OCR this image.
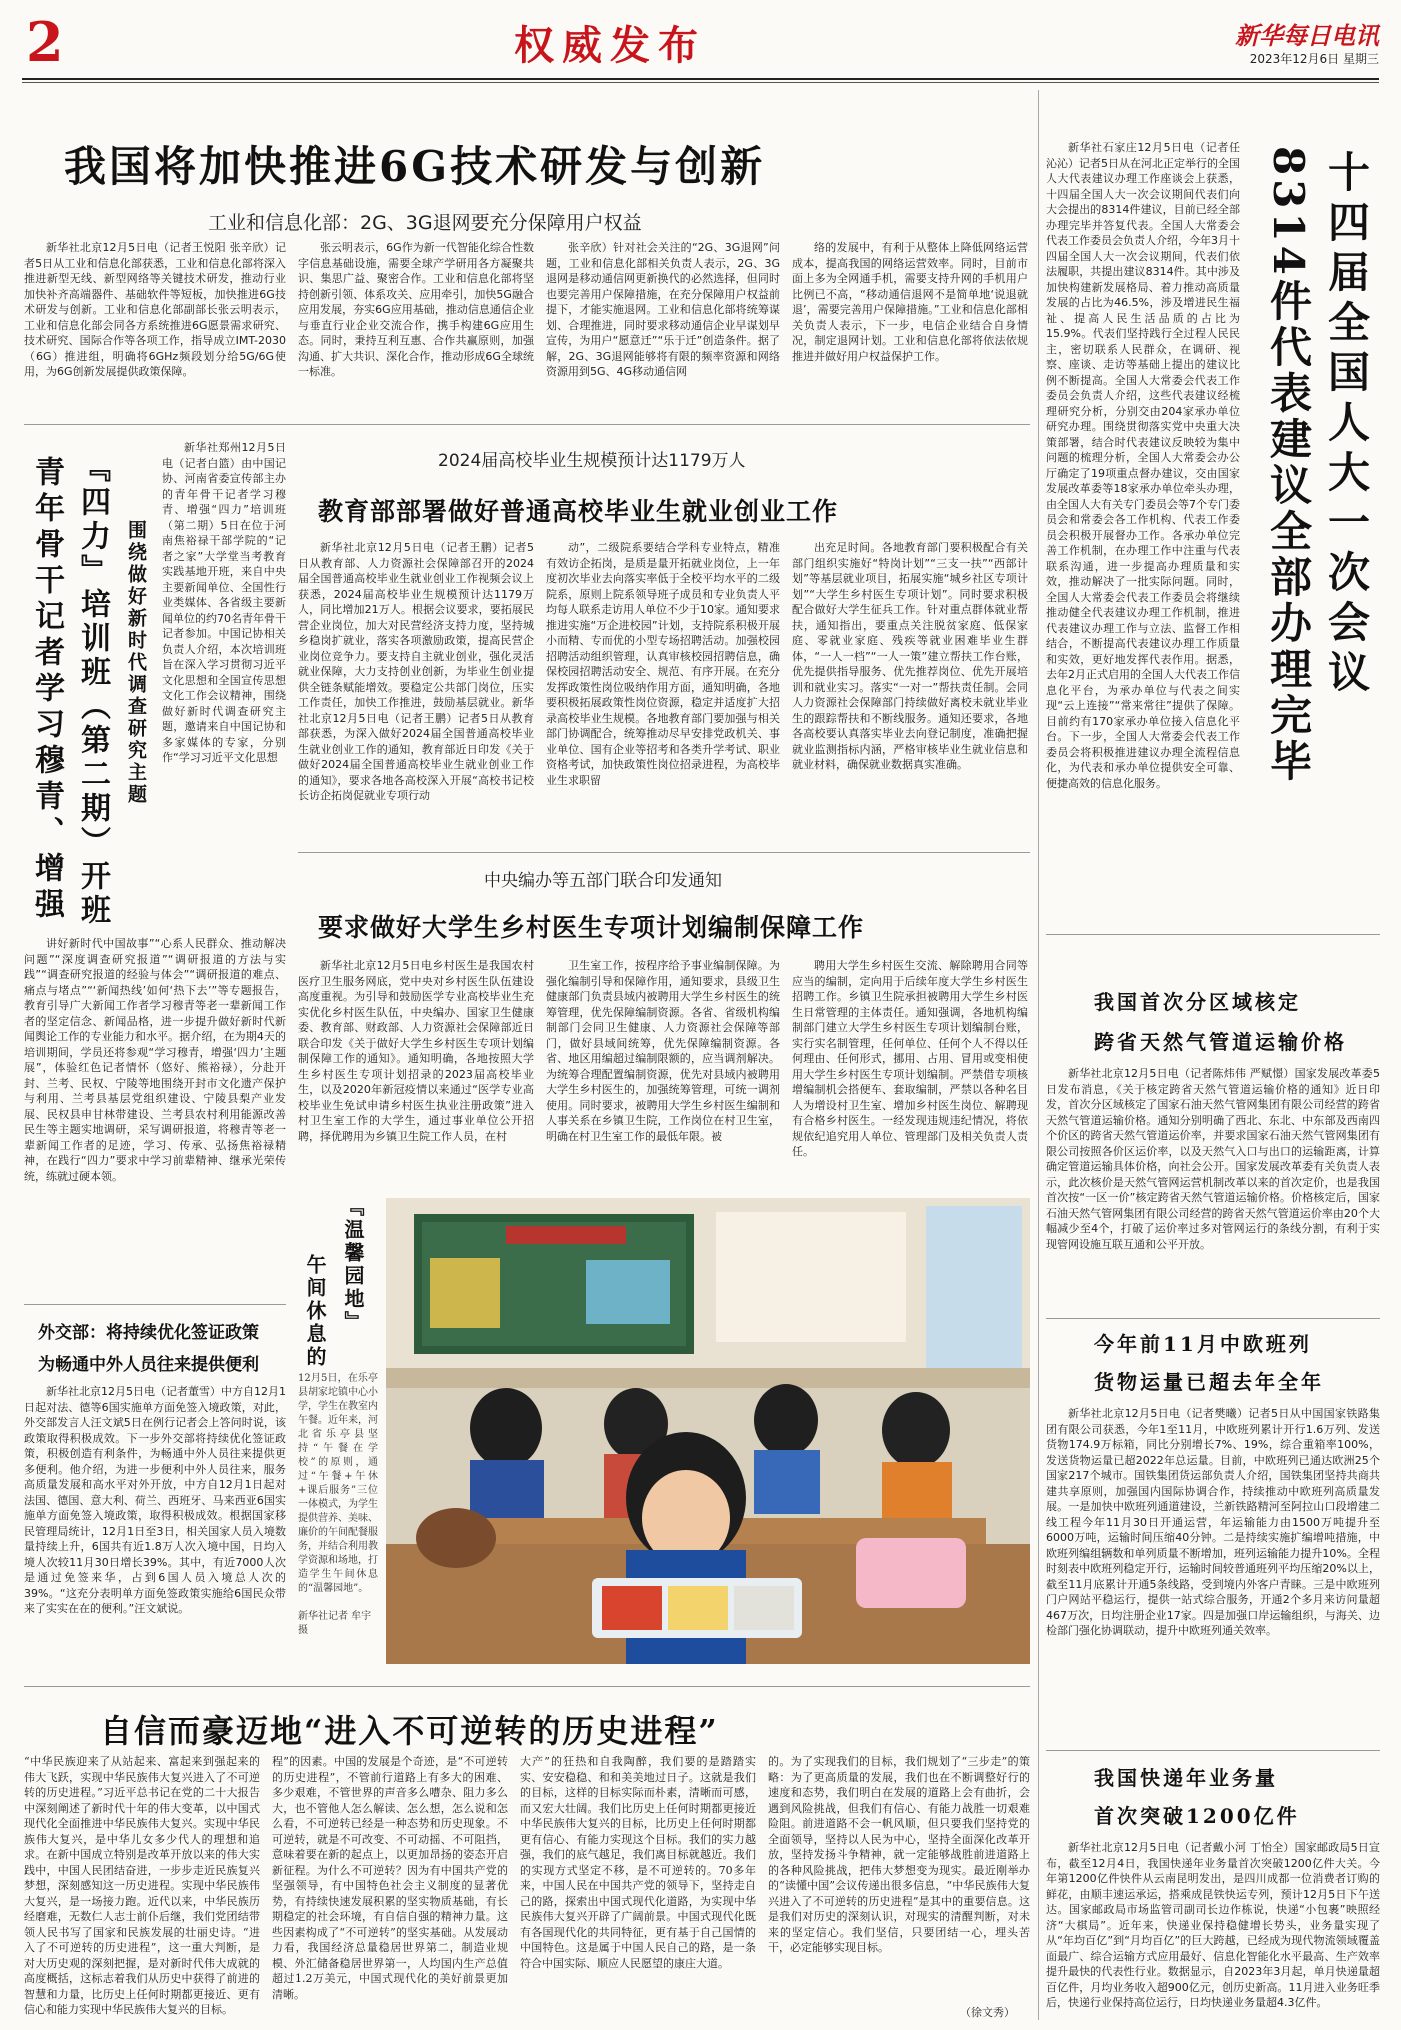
2	权威发布	新华每日电讯
2023年12月6日 星期三
我国将加快推进6G技术研发与创新
工业和信息化部：2G、3G退网要充分保障用户权益

新华社北京12月5日电（记者王悦阳 张辛欣）记者5日从工业和信息化部获悉，工业和信息化部将深入推进新型无线、新型网络等关键技术研发，推动行业加快补齐高端器件、基础软件等短板，加快推进6G技术研发与创新。工业和信息化部副部长张云明表示，工业和信息化部会同各方系统推进6G愿景需求研究、技术研究、国际合作等各项工作，指导成立IMT-2030（6G）推进组，明确将6GHz频段划分给5G/6G使用，为6G创新发展提供政策保障。

张云明表示，6G作为新一代智能化综合性数字信息基础设施，需要全球产学研用各方凝聚共识、集思广益、聚密合作。工业和信息化部将坚持创新引领、体系攻关、应用牵引，加快5G融合应用发展，夯实6G应用基础，推动信息通信企业与垂直行业企业交流合作，携手构建6G应用生态。同时，秉持互利互惠、合作共赢原则，加强沟通、扩大共识、深化合作，推动形成6G全球统一标准。

张辛欣）针对社会关注的“2G、3G退网”问题，工业和信息化部相关负责人表示，2G、3G退网是移动通信网更新换代的必然选择，但同时也要完善用户保障措施，在充分保障用户权益前提下，才能实施退网。工业和信息化部将统筹谋划、合理推进，同时要求移动通信企业早谋划早宣传，为用户“愿意迁”“乐于迁”创造条件。据了解，2G、3G退网能够将有限的频率资源和网络资源用到5G、4G移动通信网

络的发展中，有利于从整体上降低网络运营成本，提高我国的网络运营效率。同时，目前市面上多为全网通手机，需要支持升网的手机用户比例已不高，“移动通信退网不是简单地‘说退就退’，需要完善用户保障措施。”工业和信息化部相关负责人表示，下一步，电信企业结合自身情况，制定退网计划。工业和信息化部将依法依规推进并做好用户权益保护工作。

新华社石家庄12月5日电（记者任沁沁）记者5日从在河北正定举行的全国人大代表建议办理工作座谈会上获悉，十四届全国人大一次会议期间代表们向大会提出的8314件建议，目前已经全部办理完毕并答复代表。全国人大常委会代表工作委员会负责人介绍，今年3月十四届全国人大一次会议期间，代表们依法履职，共提出建议8314件。其中涉及加快构建新发展格局、着力推动高质量发展的占比为46.5%，涉及增进民生福祉、提高人民生活品质的占比为15.9%。代表们坚持践行全过程人民民主，密切联系人民群众，在调研、视察、座谈、走访等基础上提出的建议比例不断提高。全国人大常委会代表工作委员会负责人介绍，这些代表建议经梳理研究分析，分别交由204家承办单位研究办理。围绕贯彻落实党中央重大决策部署，结合时代表建议反映较为集中问题的梳理分析，全国人大常委会办公厅确定了19项重点督办建议，交由国家发展改革委等18家承办单位牵头办理，由全国人大有关专门委员会等7个专门委员会和常委会各工作机构、代表工作委员会积极开展督办工作。各承办单位完善工作机制，在办理工作中注重与代表联系沟通，进一步提高办理质量和实效，推动解决了一批实际问题。同时，全国人大常委会代表工作委员会将继续推动健全代表建议办理工作机制，推进代表建议办理工作与立法、监督工作相结合，不断提高代表建议办理工作质量和实效，更好地发挥代表作用。据悉，去年2月正式启用的全国人大代表工作信息化平台，为承办单位与代表之间实现“云上连接”“常来常往”提供了保障。目前约有170家承办单位接入信息化平台。下一步，全国人大常委会代表工作委员会将积极推进建议办理全流程信息化，为代表和承办单位提供安全可靠、便捷高效的信息化服务。

十四届全国人大一次会议
8314件代表建议全部办理完毕
青年骨干记者学习穆青、增强 『四力』培训班（第二期）开班 围绕做好新时代调查研究主题

新华社郑州12月5日电（记者白篮）由中国记协、河南省委宣传部主办的青年骨干记者学习穆青、增强“四力”培训班（第二期）5日在位于河南焦裕禄干部学院的“记者之家”大学堂当考教育实践基地开班，来自中央主要新闻单位、全国性行业类媒体、各省级主要新闻单位的约70名青年骨干记者参加。中国记协相关负责人介绍，本次培训班旨在深入学习贯彻习近平文化思想和全国宣传思想文化工作会议精神，围绕做好新时代调查研究主题，邀请来自中国记协和多家媒体的专家，分别作“学习习近平文化思想

讲好新时代中国故事”“心系人民群众、推动解决问题”“深度调查研究报道”“调研报道的方法与实践”“调查研究报道的经验与体会”“调研报道的难点、痛点与堵点”“‘新闻热线’如何‘热下去’”等专题报告，教育引导广大新闻工作者学习穆青等老一辈新闻工作者的坚定信念、新闻品格，进一步提升做好新时代新闻舆论工作的专业能力和水平。据介绍，在为期4天的培训期间，学员还将参观“学习穆青，增强‘四力’主题展”，体验红色记者情怀（悠好、熊裕禄），分赴开封、兰考、民权、宁陵等地围绕开封市文化遗产保护与利用、兰考县基层党组织建设、宁陵县梨产业发展、民权县申甘林带建设、兰考县农村利用能源改善民生等主题实地调研，采写调研报道，将穆青等老一辈新闻工作者的足迹，学习、传承、弘扬焦裕禄精神，在践行“四力”要求中学习前辈精神、继承光荣传统，练就过硬本领。

外交部：将持续优化签证政策
为畅通中外人员往来提供便利

新华社北京12月5日电（记者董雪）中方自12月1日起对法、德等6国实施单方面免签入境政策，对此，外交部发言人汪文斌5日在例行记者会上答问时说，该政策取得积极成效。下一步外交部将持续优化签证政策，积极创造有利条件，为畅通中外人员往来提供更多便利。他介绍，为进一步便利中外人员往来，服务高质量发展和高水平对外开放，中方自12月1日起对法国、德国、意大利、荷兰、西班牙、马来西亚6国实施单方面免签入境政策，取得积极成效。根据国家移民管理局统计，12月1日至3日，相关国家人员入境数量持续上升，6国共有近1.8万人次入境中国，日均入境人次较11月30日增长39%。其中，有近7000人次是通过免签来华，占到6国人员入境总人次的39%。“这充分表明单方面免签政策实施给6国民众带来了实实在在的便利。”汪文斌说。

2024届高校毕业生规模预计达1179万人
教育部部署做好普通高校毕业生就业创业工作

新华社北京12月5日电（记者王鹏）记者5日从教育部、人力资源社会保障部召开的2024届全国普通高校毕业生就业创业工作视频会议上获悉，2024届高校毕业生规模预计达1179万人，同比增加21万人。根据会议要求，要拓展民营企业岗位，加大对民营经济支持力度，坚持城乡稳岗扩就业，落实各项激励政策，提高民营企业岗位竞争力。要支持自主就业创业，强化灵活就业保障，大力支持创业创新，为毕业生创业提供全链条赋能增效。要稳定公共部门岗位，压实工作责任，加快工作推进，鼓励基层就业。新华社北京12月5日电（记者王鹏）记者5日从教育部获悉，为深入做好2024届全国普通高校毕业生就业创业工作的通知，教育部近日印发《关于做好2024届全国普通高校毕业生就业创业工作的通知》，要求各地各高校深入开展“高校书记校长访企拓岗促就业专项行动

动”，二级院系要结合学科专业特点，精准有效访企拓岗，是质是量开拓就业岗位，上一年度初次毕业去向落实率低于全校平均水平的二级院系，原则上院系领导班子成员和专业负责人平均每人联系走访用人单位不少于10家。通知要求推进实施“万企进校园”计划，支持院系积极开展小而精、专而优的小型专场招聘活动。加强校园招聘活动组织管理，认真审核校园招聘信息，确保校园招聘活动安全、规范、有序开展。在充分发挥政策性岗位吸纳作用方面，通知明确，各地要积极拓展政策性岗位资源，稳定并适度扩大招录高校毕业生规模。各地教育部门要加强与相关部门协调配合，统筹推动尽早安排党政机关、事业单位、国有企业等招考和各类升学考试、职业资格考试，加快政策性岗位招录进程，为高校毕业生求职留

出充足时间。各地教育部门要积极配合有关部门组织实施好“特岗计划”“三支一扶”“西部计划”等基层就业项目，拓展实施“城乡社区专项计划”“大学生乡村医生专项计划”。同时要求积极配合做好大学生征兵工作。针对重点群体就业帮扶，通知指出，要重点关注脱贫家庭、低保家庭、零就业家庭、残疾等就业困难毕业生群体，“一人一档”“一人一策”建立帮扶工作台账，优先提供指导服务、优先推荐岗位、优先开展培训和就业实习。落实“一对一”帮扶责任制。会同人力资源社会保障部门持续做好离校未就业毕业生的跟踪帮扶和不断线服务。通知还要求，各地各高校要认真落实毕业去向登记制度，准确把握就业监测指标内涵，严格审核毕业生就业信息和就业材料，确保就业数据真实准确。

中央编办等五部门联合印发通知
要求做好大学生乡村医生专项计划编制保障工作

新华社北京12月5日电乡村医生是我国农村医疗卫生服务网底，党中央对乡村医生队伍建设高度重视。为引导和鼓励医学专业高校毕业生充实优化乡村医生队伍，中央编办、国家卫生健康委、教育部、财政部、人力资源社会保障部近日联合印发《关于做好大学生乡村医生专项计划编制保障工作的通知》。通知明确，各地按照大学生乡村医生专项计划招录的2023届高校毕业生，以及2020年新冠疫情以来通过“医学专业高校毕业生免试申请乡村医生执业注册政策”进入村卫生室工作的大学生，通过事业单位公开招聘，择优聘用为乡镇卫生院工作人员，在村

卫生室工作，按程序给予事业编制保障。为强化编制引导和保障作用，通知要求，县级卫生健康部门负责县域内被聘用大学生乡村医生的统筹管理，优先保障编制资源。各省、省级机构编制部门会同卫生健康、人力资源社会保障等部门，做好县域间统筹，优先保障编制资源。各省、地区用编超过编制限额的，应当调剂解决。为统筹合理配置编制资源，优先对县域内被聘用大学生乡村医生的，加强统筹管理，可统一调剂使用。同时要求，被聘用大学生乡村医生编制和人事关系在乡镇卫生院，工作岗位在村卫生室，明确在村卫生室工作的最低年限。被

聘用大学生乡村医生交流、解除聘用合同等应当的编制，定向用于后续年度大学生乡村医生招聘工作。乡镇卫生院承担被聘用大学生乡村医生日常管理的主体责任。通知强调，各地机构编制部门建立大学生乡村医生专项计划编制台账，实行实名制管理，任何单位、任何个人不得以任何理由、任何形式，挪用、占用、冒用或变相使用大学生乡村医生专项计划编制。严禁借专项核增编制机会搭便车、套取编制，严禁以各种名目人为增设村卫生室、增加乡村医生岗位、解聘现有合格乡村医生。一经发现违规违纪情况，将依规依纪追究用人单位、管理部门及相关负责人责任。

『温馨园地』
午间休息的
12月5日，在乐亭县胡家坨镇中心小学，学生在教室内午餐。近年来，河北省乐亭县坚持“午餐在学校”的原则，通过“午餐+午休+课后服务”三位一体模式，为学生提供营养、美味、廉价的午间配餐服务，并结合利用教学资源和场地，打造学生午间休息的“温馨园地”。
新华社记者 牟宇摄
我国首次分区域核定
跨省天然气管道运输价格

新华社北京12月5日电（记者陈炜伟 严赋憬）国家发展改革委5日发布消息，《关于核定跨省天然气管道运输价格的通知》近日印发，首次分区域核定了国家石油天然气管网集团有限公司经营的跨省天然气管道运输价格。通知分别明确了西北、东北、中东部及西南四个价区的跨省天然气管道运价率，并要求国家石油天然气管网集团有限公司按照各价区运价率，以及天然气入口与出口的运输距离，计算确定管道运输具体价格，向社会公开。国家发展改革委有关负责人表示，此次核价是天然气管网运营机制改革以来的首次定价，也是我国首次按“一区一价”核定跨省天然气管道运输价格。价格核定后，国家石油天然气管网集团有限公司经营的跨省天然气管道运价率由20个大幅减少至4个，打破了运价率过多对管网运行的条线分割，有利于实现管网设施互联互通和公平开放。

今年前11月中欧班列
货物运量已超去年全年

新华社北京12月5日电（记者樊曦）记者5日从中国国家铁路集团有限公司获悉，今年1至11月，中欧班列累计开行1.6万列、发送货物174.9万标箱，同比分别增长7%、19%，综合重箱率100%，发送货物运量已超2022年总运量。目前，中欧班列已通达欧洲25个国家217个城市。国铁集团货运部负责人介绍，国铁集团坚持共商共建共享原则，加强国内国际协调合作，持续推动中欧班列高质量发展。一是加快中欧班列通道建设，兰新铁路精河至阿拉山口段增建二线工程今年11月30日开通运营，年运输能力由1500万吨提升至6000万吨，运输时间压缩40分钟。二是持续实施扩编增吨措施，中欧班列编组辆数和单列质量不断增加，班列运输能力提升10%。全程时刻表中欧班列稳定开行，运输时间较普通班列平均压缩20%以上，截至11月底累计开通5条线路，受到境内外客户青睐。三是中欧班列门户网站平稳运行，提供一站式综合服务，开通2个多月来访问量超467万次，日均注册企业17家。四是加强口岸运输组织，与海关、边检部门强化协调联动，提升中欧班列通关效率。

我国快递年业务量
首次突破1200亿件

新华社北京12月5日电（记者戴小河 丁怡全）国家邮政局5日宣布，截至12月4日，我国快递年业务量首次突破1200亿件大关。今年第1200亿件快件从云南昆明发出，是四川成都一位消费者订购的鲜花，由顺丰速运承运，搭乘成昆铁快运专列，预计12月5日下午送达。国家邮政局市场监管司副司长边作栋说，快递“小包裹”映照经济“大棋局”。近年来，快递业保持稳健增长势头，业务量实现了从“年均百亿”到“月均百亿”的巨大跨越，已经成为现代物流领域覆盖面最广、综合运输方式应用最好、信息化智能化水平最高、生产效率提升最快的代表性行业。数据显示，自2023年3月起，单月快递量超百亿件，月均业务收入超900亿元，创历史新高。11月进入业务旺季后，快递行业保持高位运行，日均快递业务量超4.3亿件。

自信而豪迈地“进入不可逆转的历史进程”
“中华民族迎来了从站起来、富起来到强起来的伟大飞跃，实现中华民族伟大复兴进入了不可逆转的历史进程。”习近平总书记在党的二十大报告中深刻阐述了新时代十年的伟大变革，以中国式现代化全面推进中华民族伟大复兴。实现中华民族伟大复兴，是中华儿女多少代人的理想和追求。在新中国成立特别是改革开放以来的伟大实践中，中国人民团结奋进，一步步走近民族复兴梦想，深刻感知这一历史进程。实现中华民族伟大复兴，是一场接力跑。近代以来，中华民族历经磨难，无数仁人志士前仆后继，我们党团结带领人民书写了国家和民族发展的壮丽史诗。“进入了不可逆转的历史进程”，这一重大判断，是对大历史观的深刻把握，是对新时代伟大成就的高度概括，这标志着我们从历史中获得了前进的智慧和力量，比历史上任何时期都更接近、更有信心和能力实现中华民族伟大复兴的目标。
程”的因素。中国的发展是个奇迹，是“不可逆转的历史进程”，不管前行道路上有多大的困难、多少艰难，不管世界的声音多么嘈杂、阻力多么大，也不管他人怎么解读、怎么想，怎么说和怎么看，不可逆转已经是一种态势和历史现象。不可逆转，就是不可改变、不可动摇、不可阻挡，意味着要在新的起点上，以更加昂扬的姿态开启新征程。为什么不可逆转？因为有中国共产党的坚强领导，有中国特色社会主义制度的显著优势，有持续快速发展积累的坚实物质基础，有长期稳定的社会环境，有自信自强的精神力量。这些因素构成了“不可逆转”的坚实基础。从发展动力看，我国经济总量稳居世界第二，制造业规模、外汇储备稳居世界第一，人均国内生产总值超过1.2万美元，中国式现代化的美好前景更加清晰。
大产”的狂热和自我陶醉，我们要的是踏踏实实、安安稳稳、和和美美地过日子。这就是我们的目标，这样的目标实际而朴素，清晰而可感，而又宏大壮阔。我们比历史上任何时期都更接近中华民族伟大复兴的目标，比历史上任何时期都更有信心、有能力实现这个目标。我们的实力越强，我们的底气越足，我们离目标就越近。我们的实现方式坚定不移，是不可逆转的。70多年来，中国人民在中国共产党的领导下，坚持走自己的路，探索出中国式现代化道路，为实现中华民族伟大复兴开辟了广阔前景。中国式现代化既有各国现代化的共同特征，更有基于自己国情的中国特色。这是属于中国人民自己的路，是一条符合中国实际、顺应人民愿望的康庄大道。
的。为了实现我们的目标，我们规划了“三步走”的策略：为了更高质量的发展，我们也在不断调整好行的速度和态势，我们明白在发展的道路上会有曲折，会遇到风险挑战，但我们有信心、有能力战胜一切艰难险阻。前进道路不会一帆风顺，但只要我们坚持党的全面领导，坚持以人民为中心，坚持全面深化改革开放，坚持发扬斗争精神，就一定能够战胜前进道路上的各种风险挑战，把伟大梦想变为现实。最近刚举办的“读懂中国”会议传递出很多信息，“中华民族伟大复兴进入了不可逆转的历史进程”是其中的重要信息。这是我们对历史的深刻认识，对现实的清醒判断，对未来的坚定信心。我们坚信，只要团结一心，埋头苦干，必定能够实现目标。
（徐文秀）
